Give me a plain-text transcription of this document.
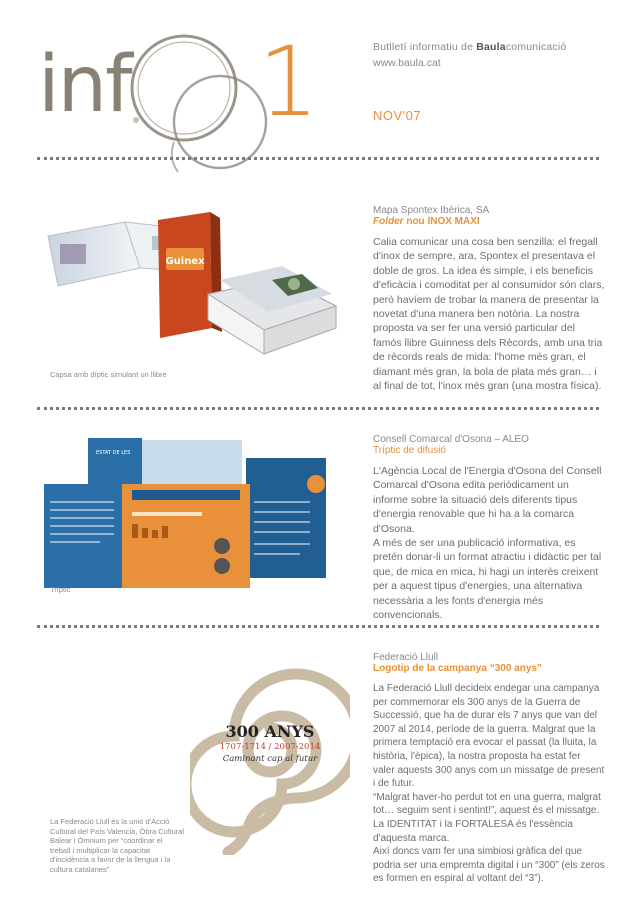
inf	1	Butlletí informatiu de Baulacomunicació
www.baula.cat
NOV'07
Guinex
Capsa amb díptic simulant un llibre
Mapa Spontex Ibèrica, SA
Folder nou INOX MAXI

Calia comunicar una cosa ben senzilla: el fregall d'inox de sempre, ara, Spontex el presentava el doble de gros. La idea és simple, i els beneficis d'eficàcia i comoditat per al consumidor són clars, però havíem de trobar la manera de presentar la novetat d'una manera ben notòria. La nostra proposta va ser fer una versió particular del famós llibre Guinness dels Rècords, amb una tria de rècords reals de mida: l'home més gran, el diamant més gran, la bola de plata més gran… i al final de tot, l'inox més gran (una mostra física).

ESTAT DE LES
Tríptic
Consell Comarcal d'Osona – ALEO
Tríptic de difusió

L'Agència Local de l'Energia d'Osona del Consell Comarcal d'Osona edita periòdicament un informe sobre la situació dels diferents tipus d'energia renovable que hi ha a la comarca d'Osona.
A més de ser una publicació informativa, es pretén donar-li un format atractiu i didàctic per tal que, de mica en mica, hi hagi un interès creixent per a aquest tipus d'energies, una alternativa necessària a les fonts d'energia més convencionals.

300 ANYS
1707-1714 / 2007-2014
Caminant cap al futur
La Federació Llull és la unió d'Acció Cultural del País Valencià, Òbra Cultural Balear i Òmnium per “coordinar el treball i multiplicar la capacitat d'incidència a favor de la llengua i la cultura catalanes”
Federació Llull
Logotip de la campanya “300 anys”

La Federació Llull decideix endegar una campanya per commemorar els 300 anys de la Guerra de Successió, que ha de durar els 7 anys que van del 2007 al 2014, període de la guerra. Malgrat que la primera temptació era evocar el passat (la lluita, la història, l'èpica), la nostra proposta ha estat fer valer aquests 300 anys com un missatge de present i de futur.
“Malgrat haver-ho perdut tot en una guerra, malgrat tot… seguim sent i sentint!”, aquest és el missatge. La IDENTITAT i la FORTALESA és l'essència d'aquesta marca.
Així doncs vam fer una simbiosi gràfica del que podria ser una empremta digital i un “300” (els zeros es formen en espiral al voltant del “3”).
